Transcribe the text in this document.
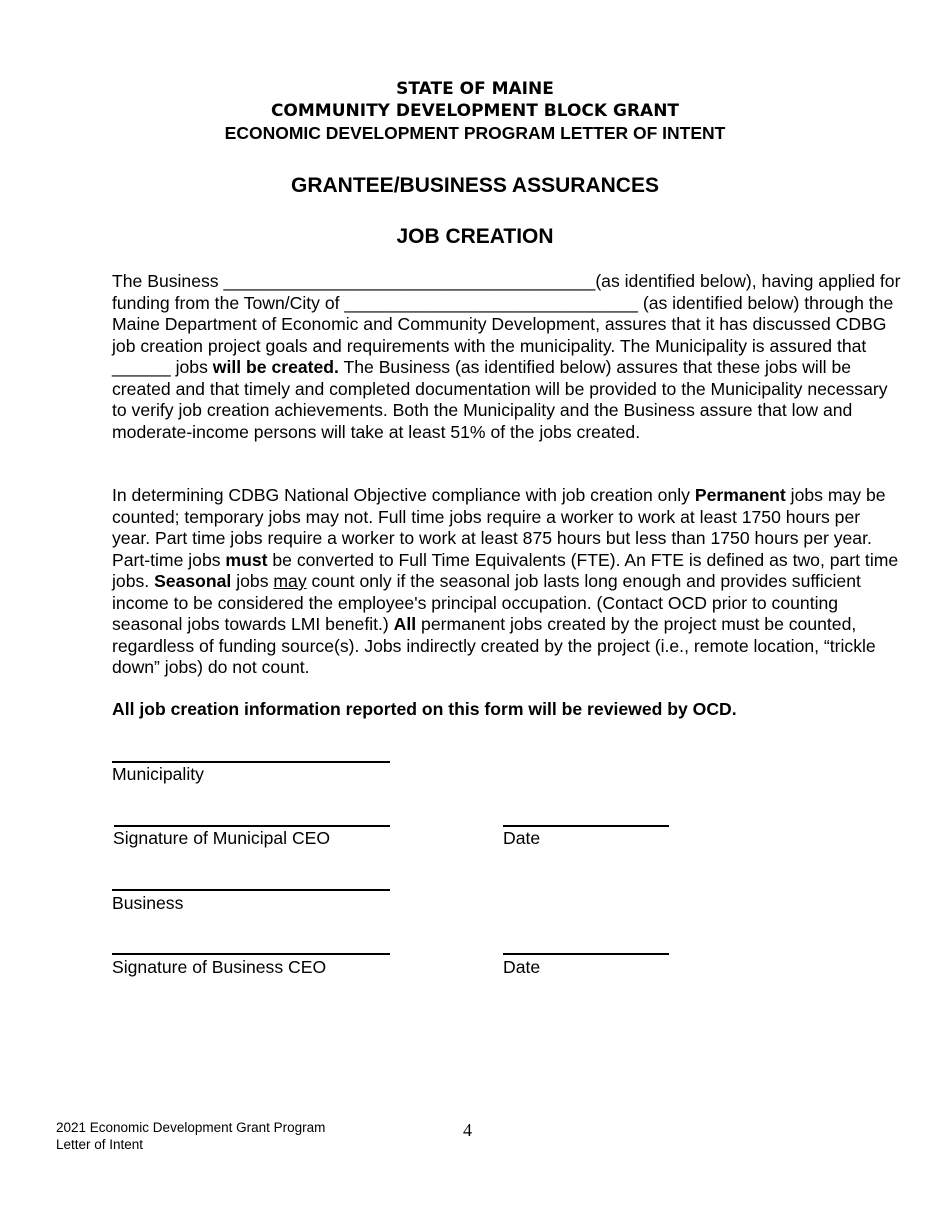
STATE OF MAINE
COMMUNITY DEVELOPMENT BLOCK GRANT
ECONOMIC DEVELOPMENT PROGRAM LETTER OF INTENT
GRANTEE/BUSINESS ASSURANCES
JOB CREATION
The Business ______________________________________(as identified below), having applied for funding from the Town/City of ______________________________ (as identified below) through the Maine Department of Economic and Community Development, assures that it has discussed CDBG job creation project goals and requirements with the municipality. The Municipality is assured that ______ jobs will be created. The Business (as identified below) assures that these jobs will be created and that timely and completed documentation will be provided to the Municipality necessary to verify job creation achievements. Both the Municipality and the Business assure that low and moderate-income persons will take at least 51% of the jobs created.
In determining CDBG National Objective compliance with job creation only Permanent jobs may be counted; temporary jobs may not. Full time jobs require a worker to work at least 1750 hours per year. Part time jobs require a worker to work at least 875 hours but less than 1750 hours per year. Part-time jobs must be converted to Full Time Equivalents (FTE). An FTE is defined as two, part time jobs. Seasonal jobs may count only if the seasonal job lasts long enough and provides sufficient income to be considered the employee's principal occupation. (Contact OCD prior to counting seasonal jobs towards LMI benefit.) All permanent jobs created by the project must be counted, regardless of funding source(s). Jobs indirectly created by the project (i.e., remote location, “trickle down” jobs) do not count.
All job creation information reported on this form will be reviewed by OCD.
Municipality
Signature of Municipal CEO	Date
Business
Signature of Business CEO	Date
2021 Economic Development Grant Program
Letter of Intent
4
